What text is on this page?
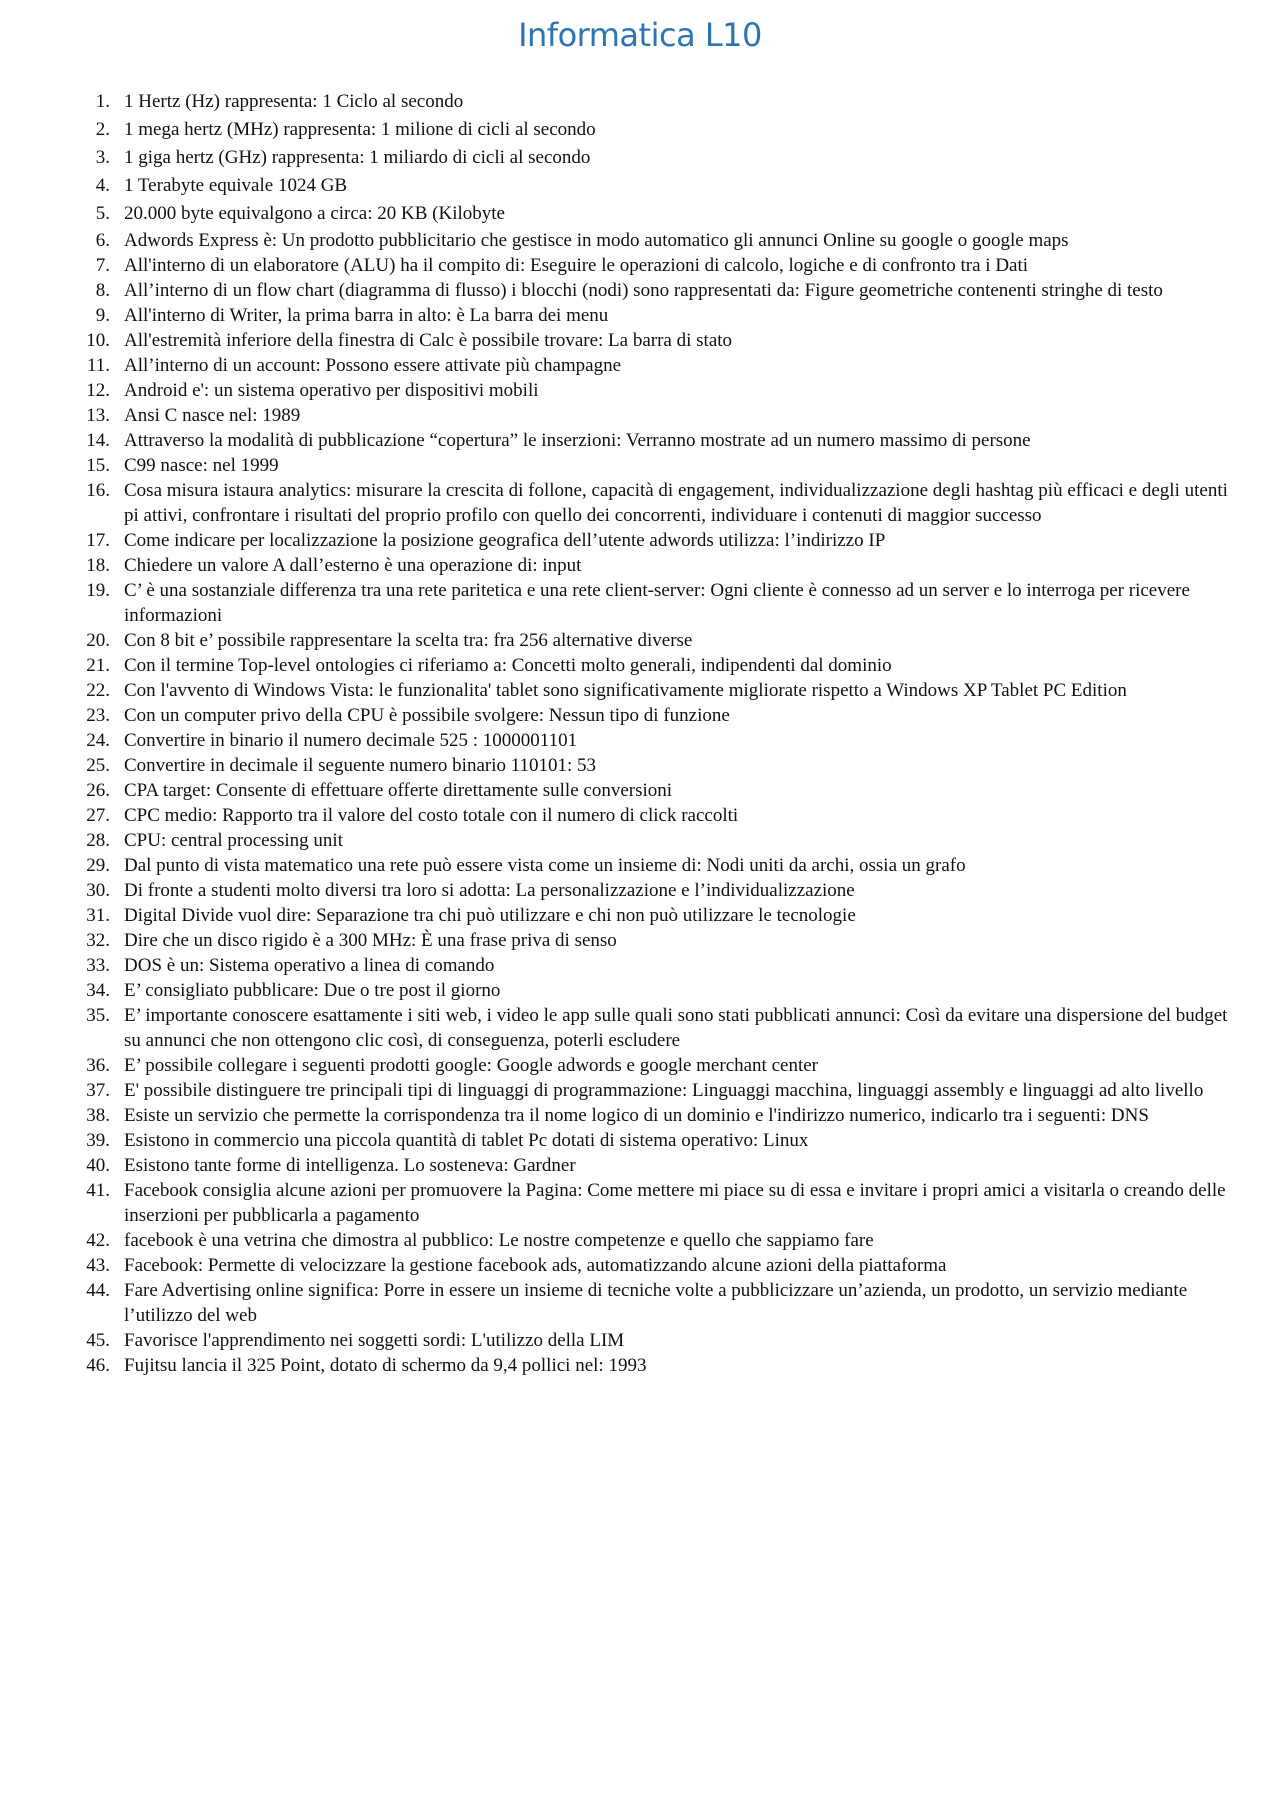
Informatica L10
1. 1 Hertz (Hz) rappresenta: 1 Ciclo al secondo
2. 1 mega hertz (MHz) rappresenta: 1 milione di cicli al secondo
3. 1 giga hertz (GHz) rappresenta: 1 miliardo di cicli al secondo
4. 1 Terabyte equivale 1024 GB
5. 20.000 byte equivalgono a circa: 20 KB (Kilobyte
6. Adwords Express è: Un prodotto pubblicitario che gestisce in modo automatico gli annunci Online su google o google maps
7. All'interno di un elaboratore (ALU) ha il compito di: Eseguire le operazioni di calcolo, logiche e di confronto tra i Dati
8. All’interno di un flow chart (diagramma di flusso) i blocchi (nodi) sono rappresentati da: Figure geometriche contenenti stringhe di testo
9. All'interno di Writer, la prima barra in alto: è La barra dei menu
10. All'estremità inferiore della finestra di Calc è possibile trovare: La barra di stato
11. All’interno di un account: Possono essere attivate più champagne
12. Android e': un sistema operativo per dispositivi mobili
13. Ansi C nasce nel: 1989
14. Attraverso la modalità di pubblicazione “copertura” le inserzioni: Verranno mostrate ad un numero massimo di persone
15. C99 nasce: nel 1999
16. Cosa misura istaura analytics: misurare la crescita di follone, capacità di engagement, individualizzazione degli hashtag più efficaci e degli utenti pi attivi, confrontare i risultati del proprio profilo con quello dei concorrenti, individuare i contenuti di maggior successo
17. Come indicare per localizzazione la posizione geografica dell’utente adwords utilizza: l’indirizzo IP
18. Chiedere un valore A dall’esterno è una operazione di: input
19. C’ è una sostanziale differenza tra una rete paritetica e una rete client-server: Ogni cliente è connesso ad un server e lo interroga per ricevere informazioni
20. Con 8 bit e’ possibile rappresentare la scelta tra: fra 256 alternative diverse
21. Con il termine Top-level ontologies ci riferiamo a: Concetti molto generali, indipendenti dal dominio
22. Con l'avvento di Windows Vista: le funzionalita' tablet sono significativamente migliorate rispetto a Windows XP Tablet PC Edition
23. Con un computer privo della CPU è possibile svolgere: Nessun tipo di funzione
24. Convertire in binario il numero decimale 525 : 1000001101
25. Convertire in decimale il seguente numero binario 110101: 53
26. CPA target: Consente di effettuare offerte direttamente sulle conversioni
27. CPC medio: Rapporto tra il valore del costo totale con il numero di click raccolti
28. CPU: central processing unit
29. Dal punto di vista matematico una rete può essere vista come un insieme di: Nodi uniti da archi, ossia un grafo
30. Di fronte a studenti molto diversi tra loro si adotta: La personalizzazione e l’individualizzazione
31. Digital Divide vuol dire: Separazione tra chi può utilizzare e chi non può utilizzare le tecnologie
32. Dire che un disco rigido è a 300 MHz: È una frase priva di senso
33. DOS è un: Sistema operativo a linea di comando
34. E’ consigliato pubblicare: Due o tre post il giorno
35. E’ importante conoscere esattamente i siti web, i video le app sulle quali sono stati pubblicati annunci: Così da evitare una dispersione del budget su annunci che non ottengono clic così, di conseguenza, poterli escludere
36. E’ possibile collegare i seguenti prodotti google: Google adwords e google merchant center
37. E' possibile distinguere tre principali tipi di linguaggi di programmazione: Linguaggi macchina, linguaggi assembly e linguaggi ad alto livello
38. Esiste un servizio che permette la corrispondenza tra il nome logico di un dominio e l'indirizzo numerico, indicarlo tra i seguenti: DNS
39. Esistono in commercio una piccola quantità di tablet Pc dotati di sistema operativo: Linux
40. Esistono tante forme di intelligenza. Lo sosteneva: Gardner
41. Facebook consiglia alcune azioni per promuovere la Pagina: Come mettere mi piace su di essa e invitare i propri amici a visitarla o creando delle inserzioni per pubblicarla a pagamento
42. facebook è una vetrina che dimostra al pubblico: Le nostre competenze e quello che sappiamo fare
43. Facebook: Permette di velocizzare la gestione facebook ads, automatizzando alcune azioni della piattaforma
44. Fare Advertising online significa: Porre in essere un insieme di tecniche volte a pubblicizzare un’azienda, un prodotto, un servizio mediante l’utilizzo del web
45. Favorisce l'apprendimento nei soggetti sordi: L'utilizzo della LIM
46. Fujitsu lancia il 325 Point, dotato di schermo da 9,4 pollici nel: 1993
